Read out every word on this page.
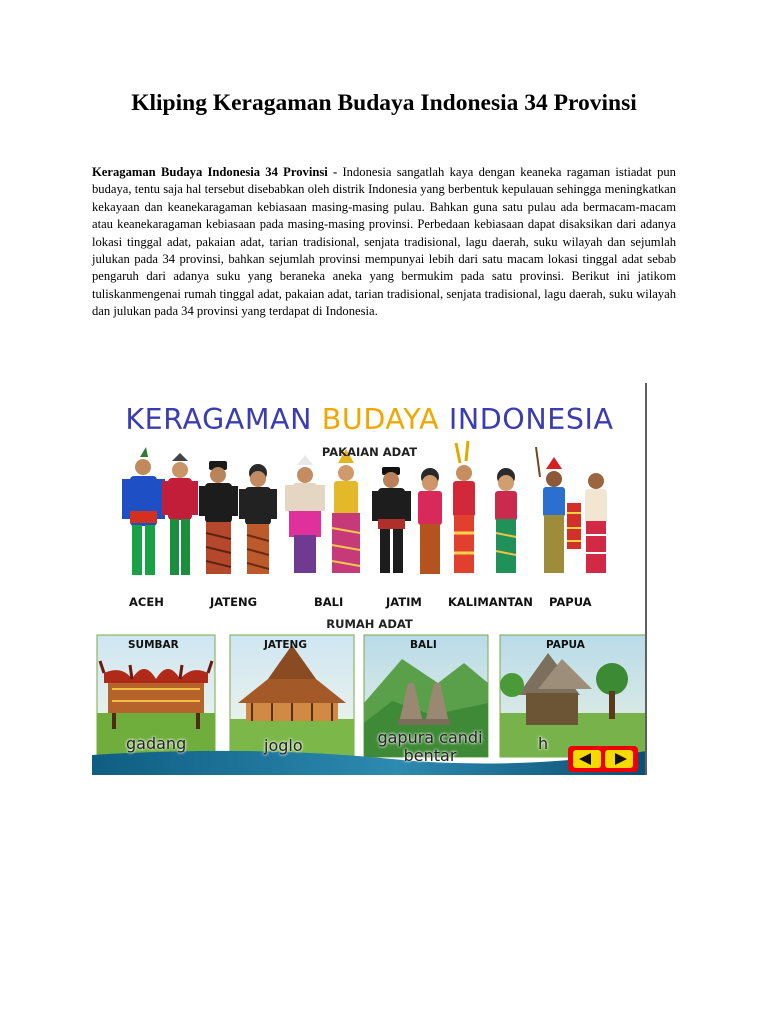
Kliping Keragaman Budaya Indonesia 34 Provinsi

Keragaman Budaya Indonesia 34 Provinsi - Indonesia sangatlah kaya dengan keaneka ragaman istiadat pun budaya, tentu saja hal tersebut disebabkan oleh distrik Indonesia yang berbentuk kepulauan sehingga meningkatkan kekayaan dan keanekaragaman kebiasaan masing-masing pulau. Bahkan guna satu pulau ada bermacam-macam atau keanekaragaman kebiasaan pada masing-masing provinsi. Perbedaan kebiasaan dapat disaksikan dari adanya lokasi tinggal adat, pakaian adat, tarian tradisional, senjata tradisional, lagu daerah, suku wilayah dan sejumlah julukan pada 34 provinsi, bahkan sejumlah provinsi mempunyai lebih dari satu macam lokasi tinggal adat sebab pengaruh dari adanya suku yang beraneka aneka yang bermukim pada satu provinsi. Berikut ini jatikom tuliskanmengenai rumah tinggal adat, pakaian adat, tarian tradisional, senjata tradisional, lagu daerah, suku wilayah dan julukan pada 34 provinsi yang terdapat di Indonesia.

KERAGAMAN BUDAYA INDONESIA
PAKAIAN ADAT
ACEH	JATENG	BALI	JATIM KALIMANTAN PAPUA
RUMAH ADAT
SUMBAR	JATENG	BALI	PAPUA
gadang	joglo	gapura candi bentar
h
